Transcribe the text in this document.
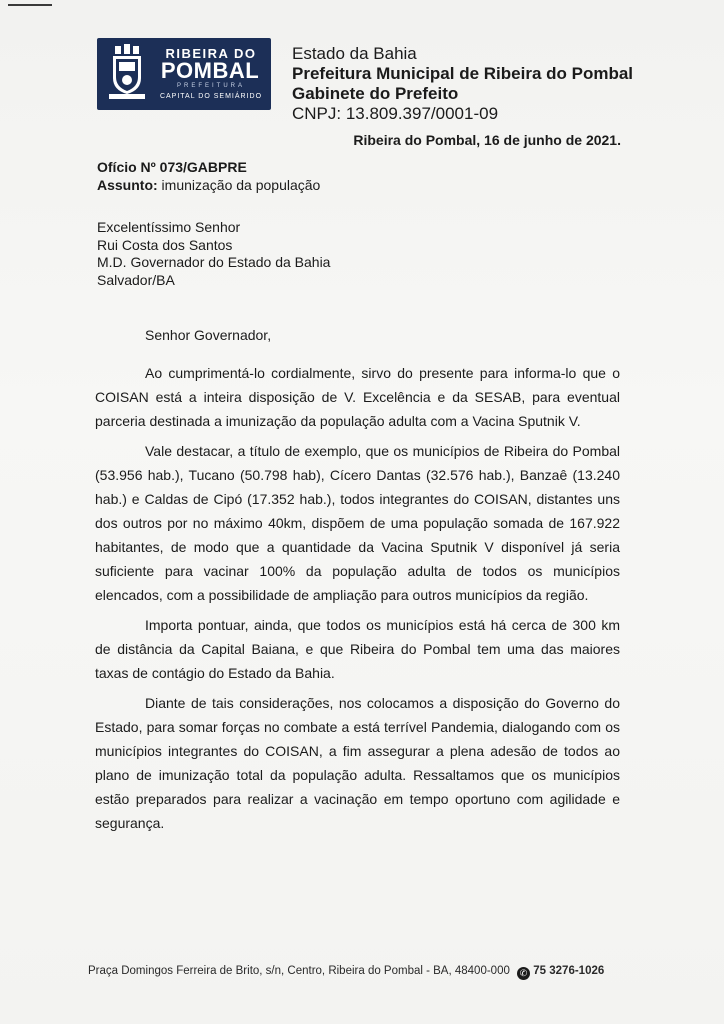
RIBEIRA DO
POMBAL
PREFEITURA
CAPITAL DO SEMIÁRIDO
Estado da Bahia
Prefeitura Municipal de Ribeira do Pombal
Gabinete do Prefeito
CNPJ: 13.809.397/0001-09
Ribeira do Pombal, 16 de junho de 2021.
Ofício Nº 073/GABPRE
Assunto: imunização da população
Excelentíssimo Senhor
Rui Costa dos Santos
M.D. Governador do Estado da Bahia
Salvador/BA

Senhor Governador,

Ao cumprimentá-lo cordialmente, sirvo do presente para informa-lo que o COISAN está a inteira disposição de V. Excelência e da SESAB, para eventual parceria destinada a imunização da população adulta com a Vacina Sputnik V.

Vale destacar, a título de exemplo, que os municípios de Ribeira do Pombal (53.956 hab.), Tucano (50.798 hab), Cícero Dantas (32.576 hab.), Banzaê (13.240 hab.) e Caldas de Cipó (17.352 hab.), todos integrantes do COISAN, distantes uns dos outros por no máximo 40km, dispõem de uma população somada de 167.922 habitantes, de modo que a quantidade da Vacina Sputnik V disponível já seria suficiente para vacinar 100% da população adulta de todos os municípios elencados, com a possibilidade de ampliação para outros municípios da região.

Importa pontuar, ainda, que todos os municípios está há cerca de 300 km de distância da Capital Baiana, e que Ribeira do Pombal tem uma das maiores taxas de contágio do Estado da Bahia.

Diante de tais considerações, nos colocamos a disposição do Governo do Estado, para somar forças no combate a está terrível Pandemia, dialogando com os municípios integrantes do COISAN, a fim assegurar a plena adesão de todos ao plano de imunização total da população adulta. Ressaltamos que os municípios estão preparados para realizar a vacinação em tempo oportuno com agilidade e segurança.

Praça Domingos Ferreira de Brito, s/n, Centro, Ribeira do Pombal - BA, 48400-000 ✆ 75 3276-1026
